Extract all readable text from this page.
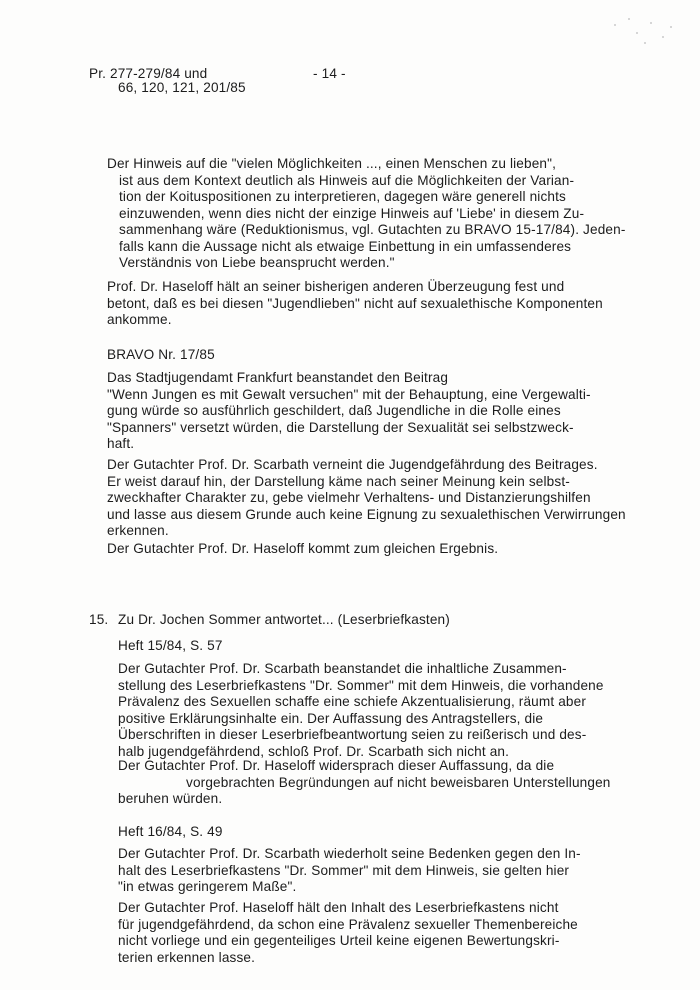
Pr. 277-279/84 und

66, 120, 121, 201/85

- 14 -

Der Hinweis auf die "vielen Möglichkeiten ..., einen Menschen zu lieben",
ist aus dem Kontext deutlich als Hinweis auf die Möglichkeiten der Varian-
tion der Koituspositionen zu interpretieren, dagegen wäre generell nichts
einzuwenden, wenn dies nicht der einzige Hinweis auf 'Liebe' in diesem Zu-
sammenhang wäre (Reduktionismus, vgl. Gutachten zu BRAVO 15-17/84). Jeden-
falls kann die Aussage nicht als etwaige Einbettung in ein umfassenderes
Verständnis von Liebe beansprucht werden."
Prof. Dr. Haseloff hält an seiner bisherigen anderen Überzeugung fest und
betont, daß es bei diesen "Jugendlieben" nicht auf sexualethische Komponenten
ankomme.

BRAVO Nr. 17/85

Das Stadtjugendamt Frankfurt beanstandet den Beitrag
"Wenn Jungen es mit Gewalt versuchen" mit der Behauptung, eine Vergewalti-
gung würde so ausführlich geschildert, daß Jugendliche in die Rolle eines
"Spanners" versetzt würden, die Darstellung der Sexualität sei selbstzweck-
haft.
Der Gutachter Prof. Dr. Scarbath verneint die Jugendgefährdung des Beitrages.
Er weist darauf hin, der Darstellung käme nach seiner Meinung kein selbst-
zweckhafter Charakter zu, gebe vielmehr Verhaltens- und Distanzierungshilfen
und lasse aus diesem Grunde auch keine Eignung zu sexualethischen Verwirrungen
erkennen.

Der Gutachter Prof. Dr. Haseloff kommt zum gleichen Ergebnis.

15. Zu Dr. Jochen Sommer antwortet... (Leserbriefkasten)

Heft 15/84, S. 57

Der Gutachter Prof. Dr. Scarbath beanstandet die inhaltliche Zusammen-
stellung des Leserbriefkastens "Dr. Sommer" mit dem Hinweis, die vorhandene
Prävalenz des Sexuellen schaffe eine schiefe Akzentualisierung, räumt aber
positive Erklärungsinhalte ein. Der Auffassung des Antragstellers, die
Überschriften in dieser Leserbriefbeantwortung seien zu reißerisch und des-
halb jugendgefährdend, schloß Prof. Dr. Scarbath sich nicht an.
Der Gutachter Prof. Dr. Haseloff widersprach dieser Auffassung, da die
vorgebrachten Begründungen auf nicht beweisbaren Unterstellungen
beruhen würden.

Heft 16/84, S. 49

Der Gutachter Prof. Dr. Scarbath wiederholt seine Bedenken gegen den In-
halt des Leserbriefkastens "Dr. Sommer" mit dem Hinweis, sie gelten hier
"in etwas geringerem Maße".
Der Gutachter Prof. Haseloff hält den Inhalt des Leserbriefkastens nicht
für jugendgefährdend, da schon eine Prävalenz sexueller Themenbereiche
nicht vorliege und ein gegenteiliges Urteil keine eigenen Bewertungskri-
terien erkennen lasse.
